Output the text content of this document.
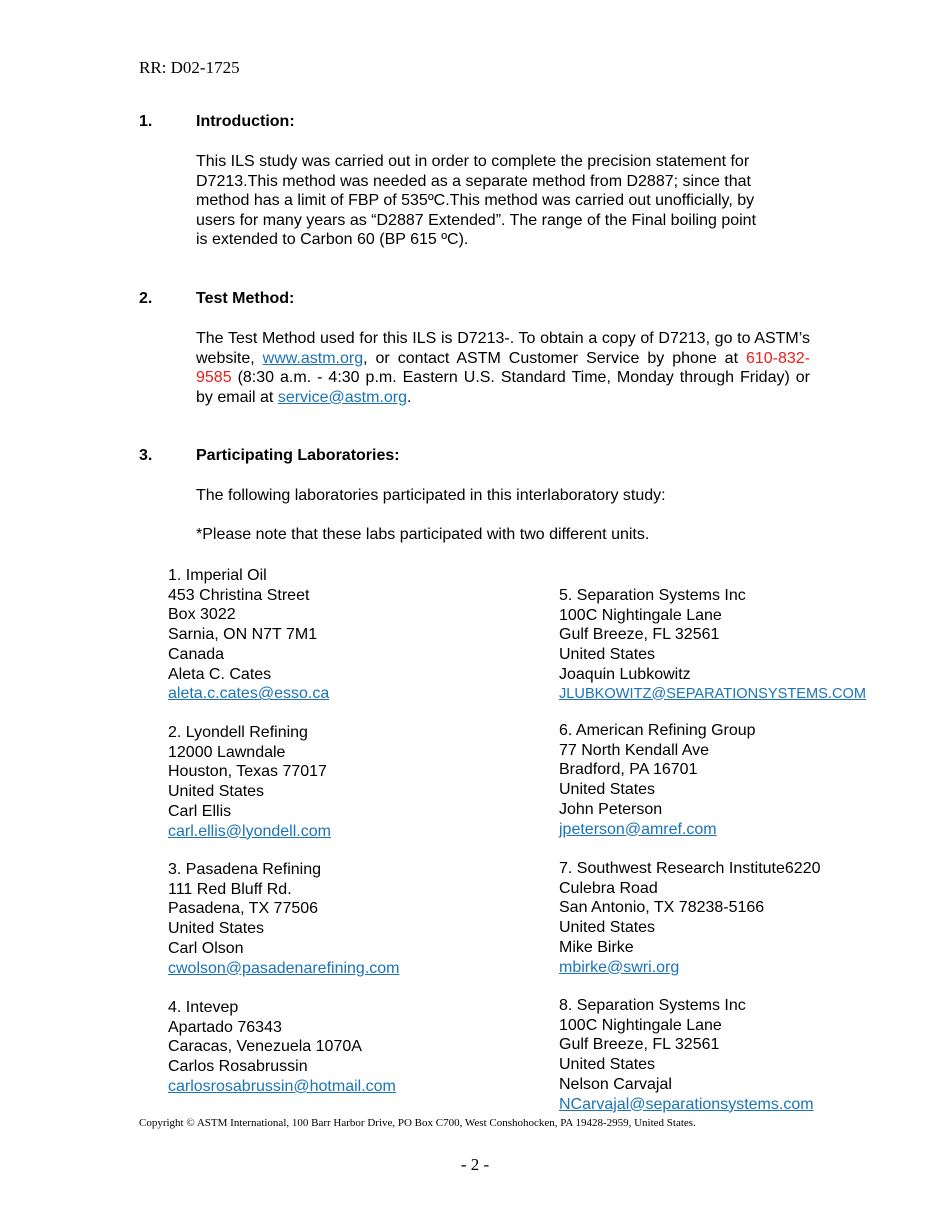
RR: D02-1725
1.	Introduction:
This ILS study was carried out in order to complete the precision statement for
D7213.This method was needed as a separate method from D2887; since that
method has a limit of FBP of 535ºC.This method was carried out unofficially, by
users for many years as “D2887 Extended”. The range of the Final boiling point
is extended to Carbon 60 (BP 615 ºC).
2.	Test Method:
The Test Method used for this ILS is D7213-. To obtain a copy of D7213, go to ASTM’s website, www.astm.org, or contact ASTM Customer Service by phone at 610-832-9585 (8:30 a.m. - 4:30 p.m. Eastern U.S. Standard Time, Monday through Friday) or by email at service@astm.org.
3.	Participating Laboratories:
The following laboratories participated in this interlaboratory study:
*Please note that these labs participated with two different units.
1. Imperial Oil
453 Christina Street
Box 3022
Sarnia, ON N7T 7M1
Canada
Aleta C. Cates
aleta.c.cates@esso.ca
2. Lyondell Refining
12000 Lawndale
Houston, Texas 77017
United States
Carl Ellis
carl.ellis@lyondell.com
3. Pasadena Refining
111 Red Bluff Rd.
Pasadena, TX 77506
United States
Carl Olson
cwolson@pasadenarefining.com
4. Intevep
Apartado 76343
Caracas, Venezuela 1070A
Carlos Rosabrussin
carlosrosabrussin@hotmail.com
5. Separation Systems Inc
100C Nightingale Lane
Gulf Breeze, FL 32561
United States
Joaquin Lubkowitz
JLUBKOWITZ@SEPARATIONSYSTEMS.COM
6. American Refining Group
77 North Kendall Ave
Bradford, PA 16701
United States
John Peterson
jpeterson@amref.com
7. Southwest Research Institute6220
Culebra Road
San Antonio, TX 78238-5166
United States
Mike Birke
mbirke@swri.org
8. Separation Systems Inc
100C Nightingale Lane
Gulf Breeze, FL 32561
United States
Nelson Carvajal
NCarvajal@separationsystems.com
Copyright © ASTM International, 100 Barr Harbor Drive, PO Box C700, West Conshohocken, PA 19428-2959, United States.
- 2 -
